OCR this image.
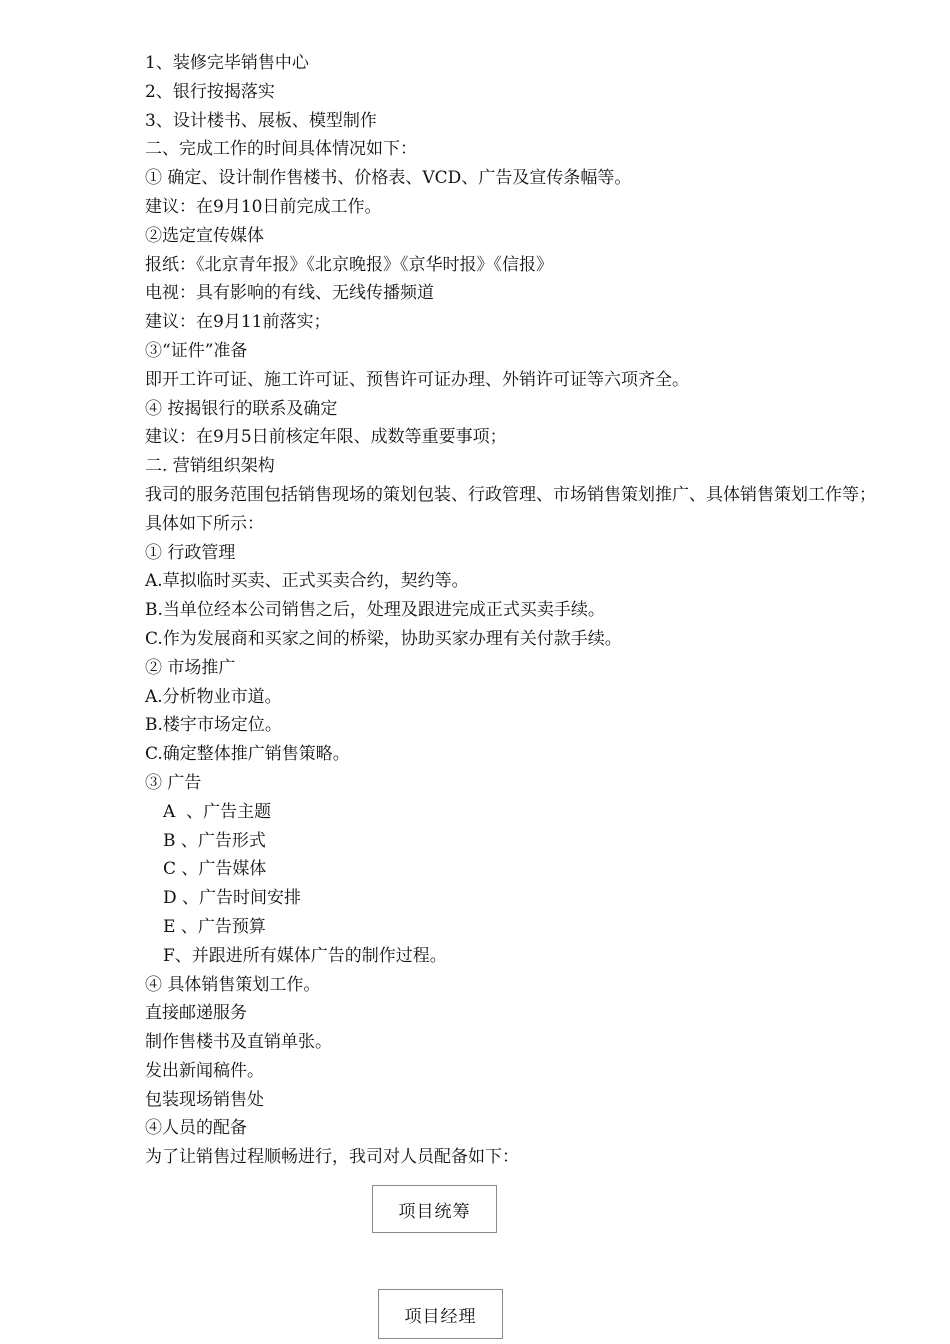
1、装修完毕销售中心
2、银行按揭落实
3、设计楼书、展板、模型制作
二、完成工作的时间具体情况如下：
① 确定、设计制作售楼书、价格表、VCD、广告及宣传条幅等。
建议：在9月10日前完成工作。
②选定宣传媒体
报纸：《北京青年报》《北京晚报》《京华时报》《信报》
电视：具有影响的有线、无线传播频道
建议：在9月11前落实；
③“证件”准备
即开工许可证、施工许可证、预售许可证办理、外销许可证等六项齐全。
④ 按揭银行的联系及确定
建议：在9月5日前核定年限、成数等重要事项；
二. 营销组织架构
我司的服务范围包括销售现场的策划包装、行政管理、市场销售策划推广、具体销售策划工作等；具体如下所示：
① 行政管理
A.草拟临时买卖、正式买卖合约，契约等。
B.当单位经本公司销售之后，处理及跟进完成正式买卖手续。
C.作为发展商和买家之间的桥梁，协助买家办理有关付款手续。
② 市场推广
A.分析物业市道。
B.楼宇市场定位。
C.确定整体推广销售策略。
③ 广告
A  、广告主题
B 、广告形式
C 、广告媒体
D 、广告时间安排
E 、广告预算
F、并跟进所有媒体广告的制作过程。
④ 具体销售策划工作。
直接邮递服务
制作售楼书及直销单张。
发出新闻稿件。
包装现场销售处
④人员的配备
为了让销售过程顺畅进行，我司对人员配备如下：
项目统筹
项目经理
